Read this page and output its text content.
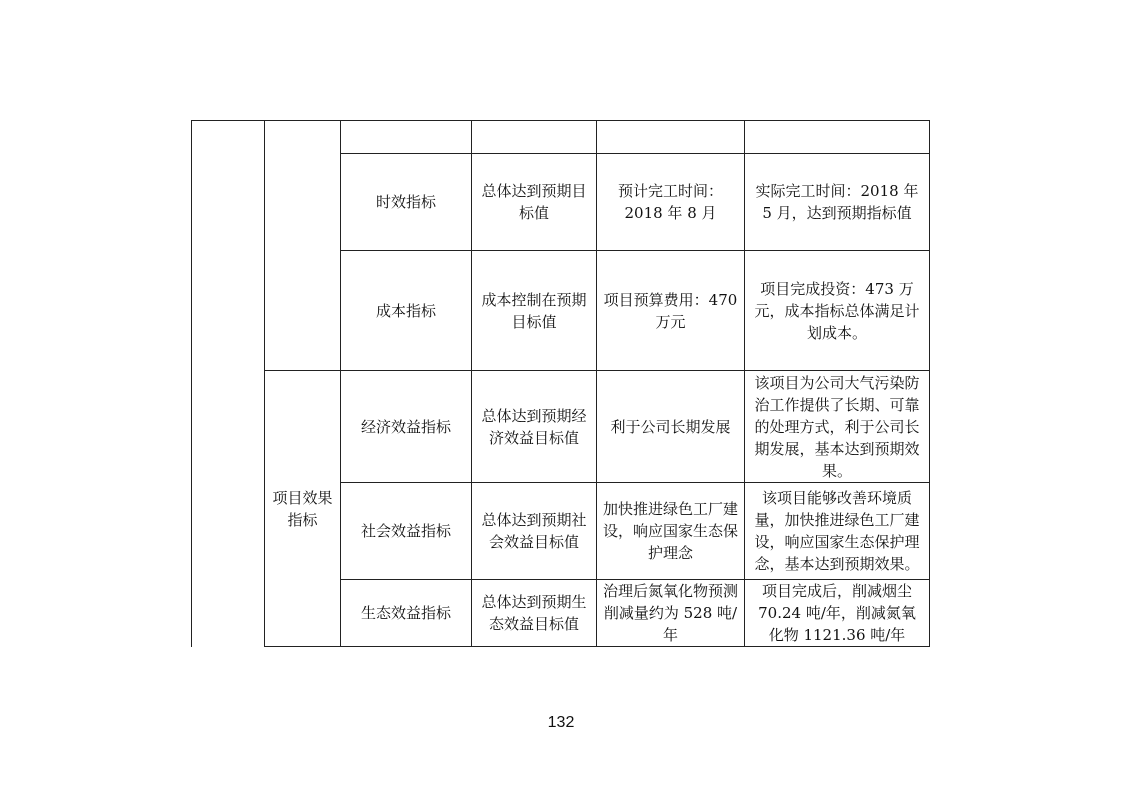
		时效指标	总体达到预期目标值	预计完工时间：2018 年 8 月	实际完工时间：2018 年 5 月，达到预期指标值
		成本指标	成本控制在预期目标值	项目预算费用：470 万元	项目完成投资：473 万元，成本指标总体满足计划成本。
	项目效果指标	经济效益指标	总体达到预期经济效益目标值	利于公司长期发展	该项目为公司大气污染防治工作提供了长期、可靠的处理方式，利于公司长期发展，基本达到预期效果。
		社会效益指标	总体达到预期社会效益目标值	加快推进绿色工厂建设，响应国家生态保护理念	该项目能够改善环境质量，加快推进绿色工厂建设，响应国家生态保护理念，基本达到预期效果。
		生态效益指标	总体达到预期生态效益目标值	治理后氮氧化物预测削减量约为 528 吨/年	项目完成后，削减烟尘 70.24 吨/年，削减氮氧化物 1121.36 吨/年
132
